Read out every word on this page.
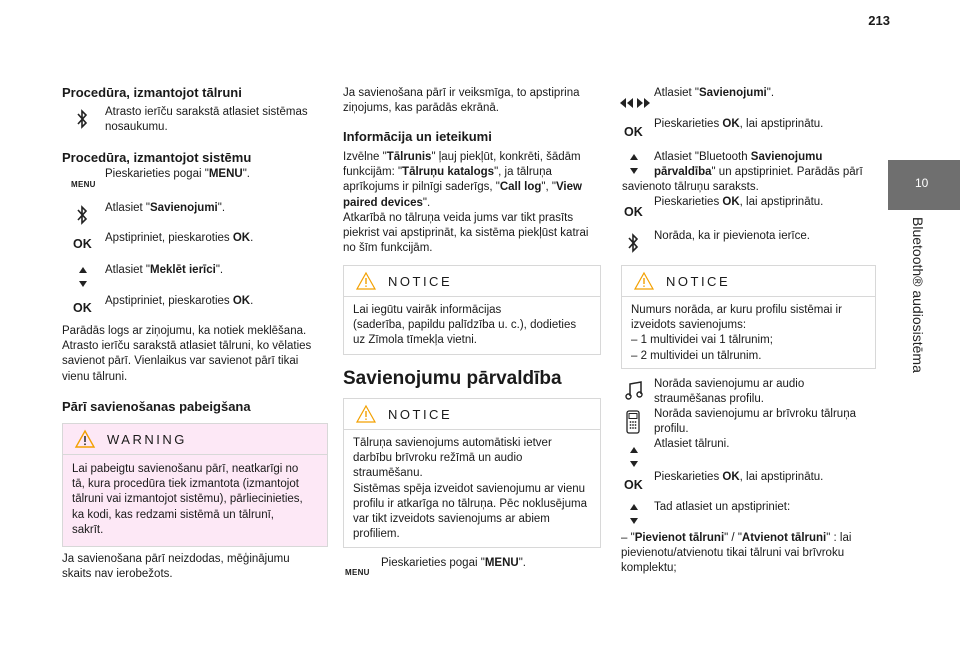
213
10
Bluetooth® audiosistēma
Procedūra, izmantojot tālruni
Atrasto ierīču sarakstā atlasiet sistēmas
nosaukumu.
Procedūra, izmantojot sistēmu
MENU
Pieskarieties pogai "MENU".
Atlasiet "Savienojumi".
OK Apstipriniet, pieskaroties OK.
Atlasiet "Meklēt ierīci".
OK Apstipriniet, pieskaroties OK.
Parādās logs ar ziņojumu, ka notiek meklēšana.
Atrasto ierīču sarakstā atlasiet tālruni, ko vēlaties
savienot pārī. Vienlaikus var savienot pārī tikai
vienu tālruni.
Pārī savienošanas pabeigšana
WARNING
Lai pabeigtu savienošanu pārī, neatkarīgi no
tā, kura procedūra tiek izmantota (izmantojot
tālruni vai izmantojot sistēmu), pārliecinieties,
ka kodi, kas redzami sistēmā un tālrunī,
sakrīt.
Ja savienošana pārī neizdodas, mēģinājumu
skaits nav ierobežots.
Ja savienošana pārī ir veiksmīga, to apstiprina
ziņojums, kas parādās ekrānā.
Informācija un ieteikumi
Izvēlne "Tālrunis" ļauj piekļūt, konkrēti, šādām
funkcijām: "Tālruņu katalogs", ja tālruņa
aprīkojums ir pilnīgi saderīgs, "Call log", "View
paired devices".
Atkarībā no tālruņa veida jums var tikt prasīts
piekrist vai apstiprināt, ka sistēma piekļūst katrai
no šīm funkcijām.
NOTICE
Lai iegūtu vairāk informācijas
(saderība, papildu palīdzība u. c.), dodieties
uz Zīmola tīmekļa vietni.
Savienojumu pārvaldība
NOTICE
Tālruņa savienojums automātiski ietver
darbību brīvroku režīmā un audio
straumēšanu.
Sistēmas spēja izveidot savienojumu ar vienu
profilu ir atkarīga no tālruņa. Pēc noklusējuma
var tikt izveidots savienojums ar abiem
profiliem.
MENU
Pieskarieties pogai "MENU".
Atlasiet "Savienojumi".
OK
Pieskarieties OK, lai apstiprinātu.
Atlasiet "Bluetooth Savienojumu
pārvaldība" un apstipriniet. Parādās pārī
savienoto tālruņu saraksts.
OK
Pieskarieties OK, lai apstiprinātu.
Norāda, ka ir pievienota ierīce.
NOTICE
Numurs norāda, ar kuru profilu sistēmai ir
izveidots savienojums:
– 1 multividei vai 1 tālrunim;
– 2 multividei un tālrunim.
Norāda savienojumu ar audio
straumēšanas profilu.
Norāda savienojumu ar brīvroku tālruņa
profilu.
Atlasiet tālruni.
OK
Pieskarieties OK, lai apstiprinātu.
Tad atlasiet un apstipriniet:
– "Pievienot tālruni" / "Atvienot tālruni" : lai
pievienotu/atvienotu tikai tālruni vai brīvroku
komplektu;
